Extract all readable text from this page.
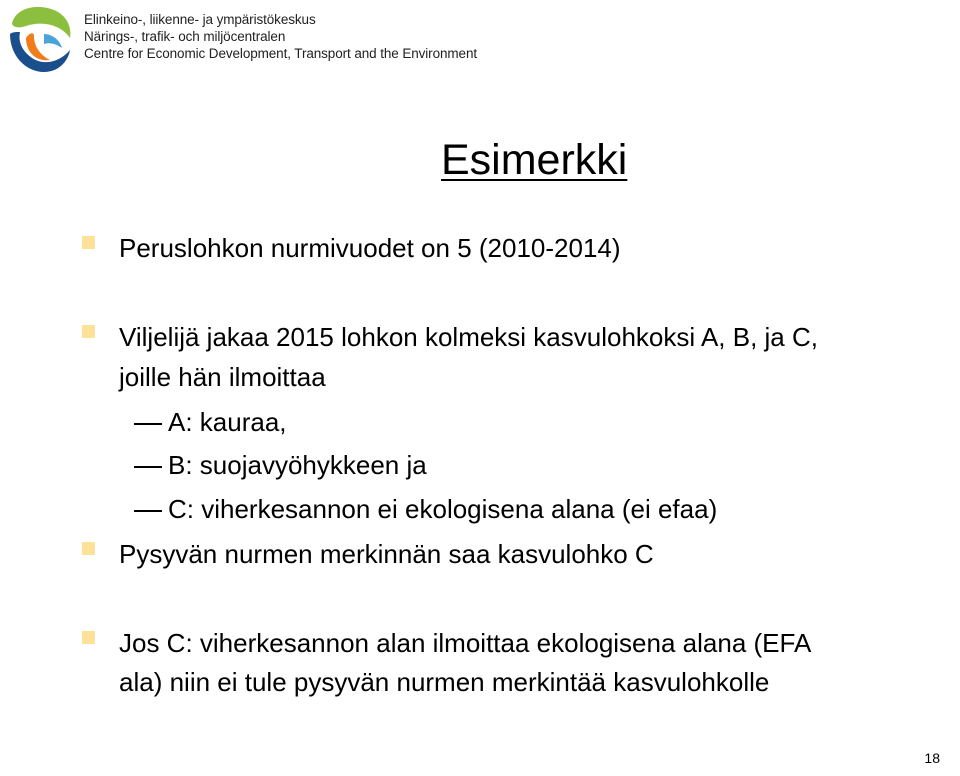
Elinkeino-, liikenne- ja ympäristökeskus
Närings-, trafik- och miljöcentralen
Centre for Economic Development, Transport and the Environment
Esimerkki
Peruslohkon nurmivuodet on 5 (2010-2014)
Viljelijä jakaa 2015 lohkon kolmeksi kasvulohkoksi A, B, ja C,
joille hän ilmoittaa
A: kauraa,
B: suojavyöhykkeen ja
C: viherkesannon ei ekologisena alana (ei efaa)
Pysyvän nurmen merkinnän saa kasvulohko C
Jos C: viherkesannon alan ilmoittaa ekologisena alana (EFA
ala) niin ei tule pysyvän nurmen merkintää kasvulohkolle
18
